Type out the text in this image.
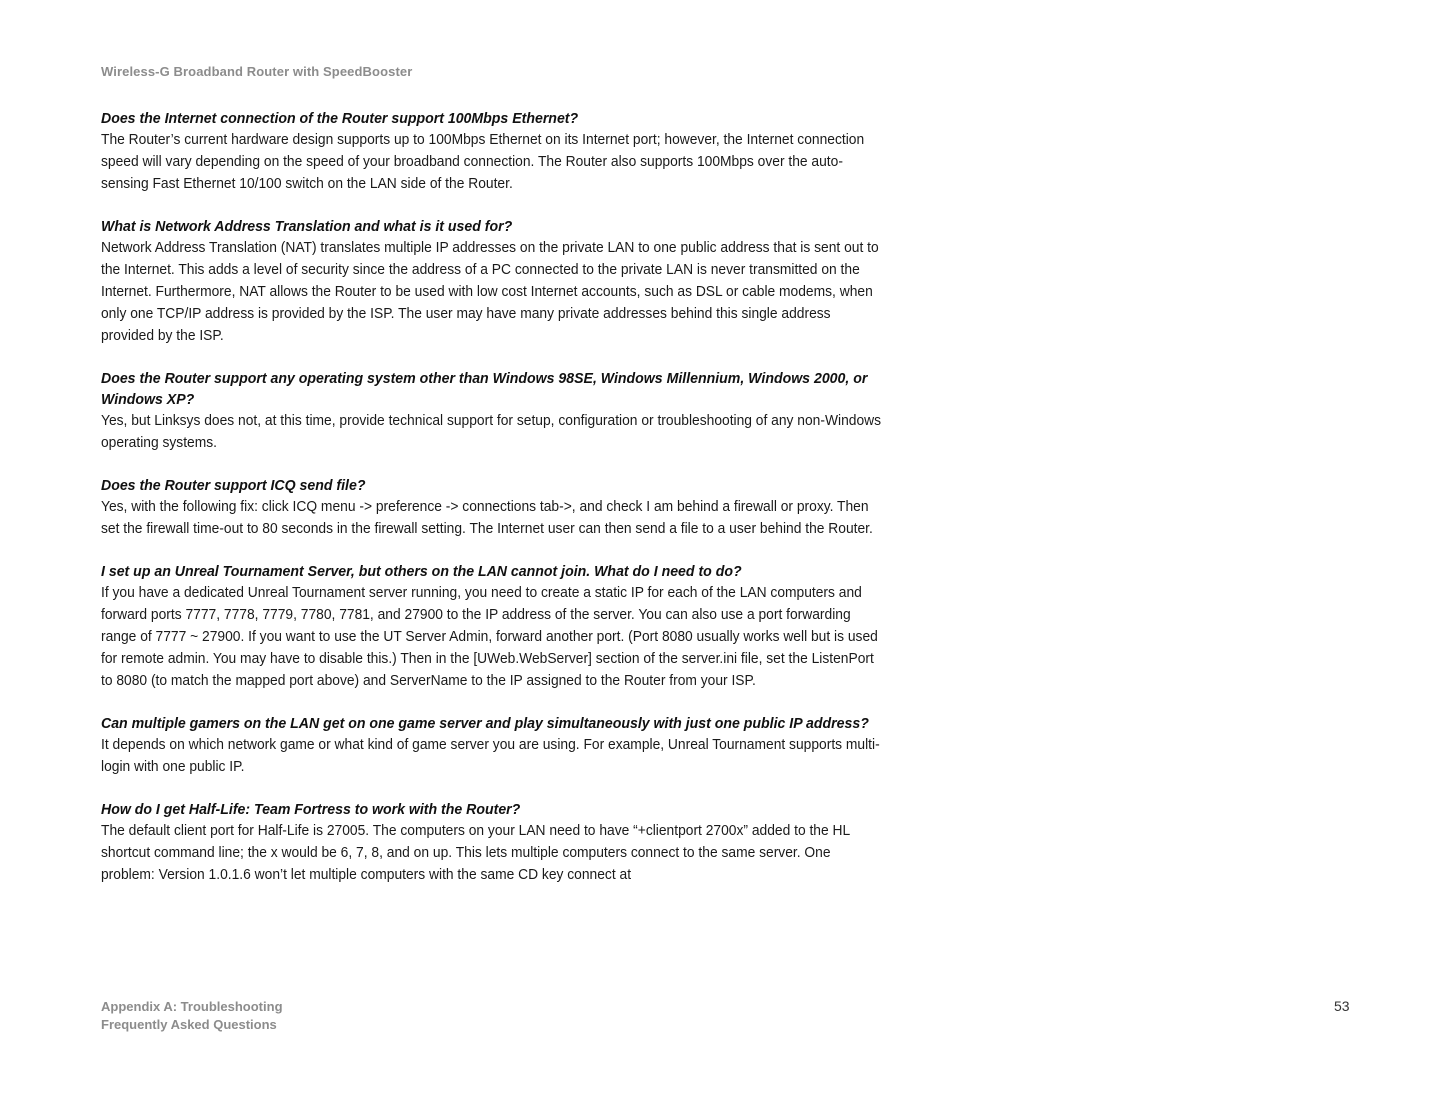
Wireless-G Broadband Router with SpeedBooster

Does the Internet connection of the Router support 100Mbps Ethernet?

The Router’s current hardware design supports up to 100Mbps Ethernet on its Internet port; however, the Internet connection speed will vary depending on the speed of your broadband connection. The Router also supports 100Mbps over the auto-sensing Fast Ethernet 10/100 switch on the LAN side of the Router.

What is Network Address Translation and what is it used for?

Network Address Translation (NAT) translates multiple IP addresses on the private LAN to one public address that is sent out to the Internet. This adds a level of security since the address of a PC connected to the private LAN is never transmitted on the Internet. Furthermore, NAT allows the Router to be used with low cost Internet accounts, such as DSL or cable modems, when only one TCP/IP address is provided by the ISP. The user may have many private addresses behind this single address provided by the ISP.

Does the Router support any operating system other than Windows 98SE, Windows Millennium, Windows 2000, or Windows XP?

Yes, but Linksys does not, at this time, provide technical support for setup, configuration or troubleshooting of any non-Windows operating systems.

Does the Router support ICQ send file?

Yes, with the following fix: click ICQ menu -> preference -> connections tab->, and check I am behind a firewall or proxy. Then set the firewall time-out to 80 seconds in the firewall setting. The Internet user can then send a file to a user behind the Router.

I set up an Unreal Tournament Server, but others on the LAN cannot join. What do I need to do?

If you have a dedicated Unreal Tournament server running, you need to create a static IP for each of the LAN computers and forward ports 7777, 7778, 7779, 7780, 7781, and 27900 to the IP address of the server. You can also use a port forwarding range of 7777 ~ 27900. If you want to use the UT Server Admin, forward another port. (Port 8080 usually works well but is used for remote admin. You may have to disable this.) Then in the [UWeb.WebServer] section of the server.ini file, set the ListenPort to 8080 (to match the mapped port above) and ServerName to the IP assigned to the Router from your ISP.

Can multiple gamers on the LAN get on one game server and play simultaneously with just one public IP address?

It depends on which network game or what kind of game server you are using. For example, Unreal Tournament supports multi-login with one public IP.

How do I get Half-Life: Team Fortress to work with the Router?

The default client port for Half-Life is 27005. The computers on your LAN need to have “+clientport 2700x” added to the HL shortcut command line; the x would be 6, 7, 8, and on up. This lets multiple computers connect to the same server. One problem: Version 1.0.1.6 won’t let multiple computers with the same CD key connect at

Appendix A: Troubleshooting
Frequently Asked Questions
53
